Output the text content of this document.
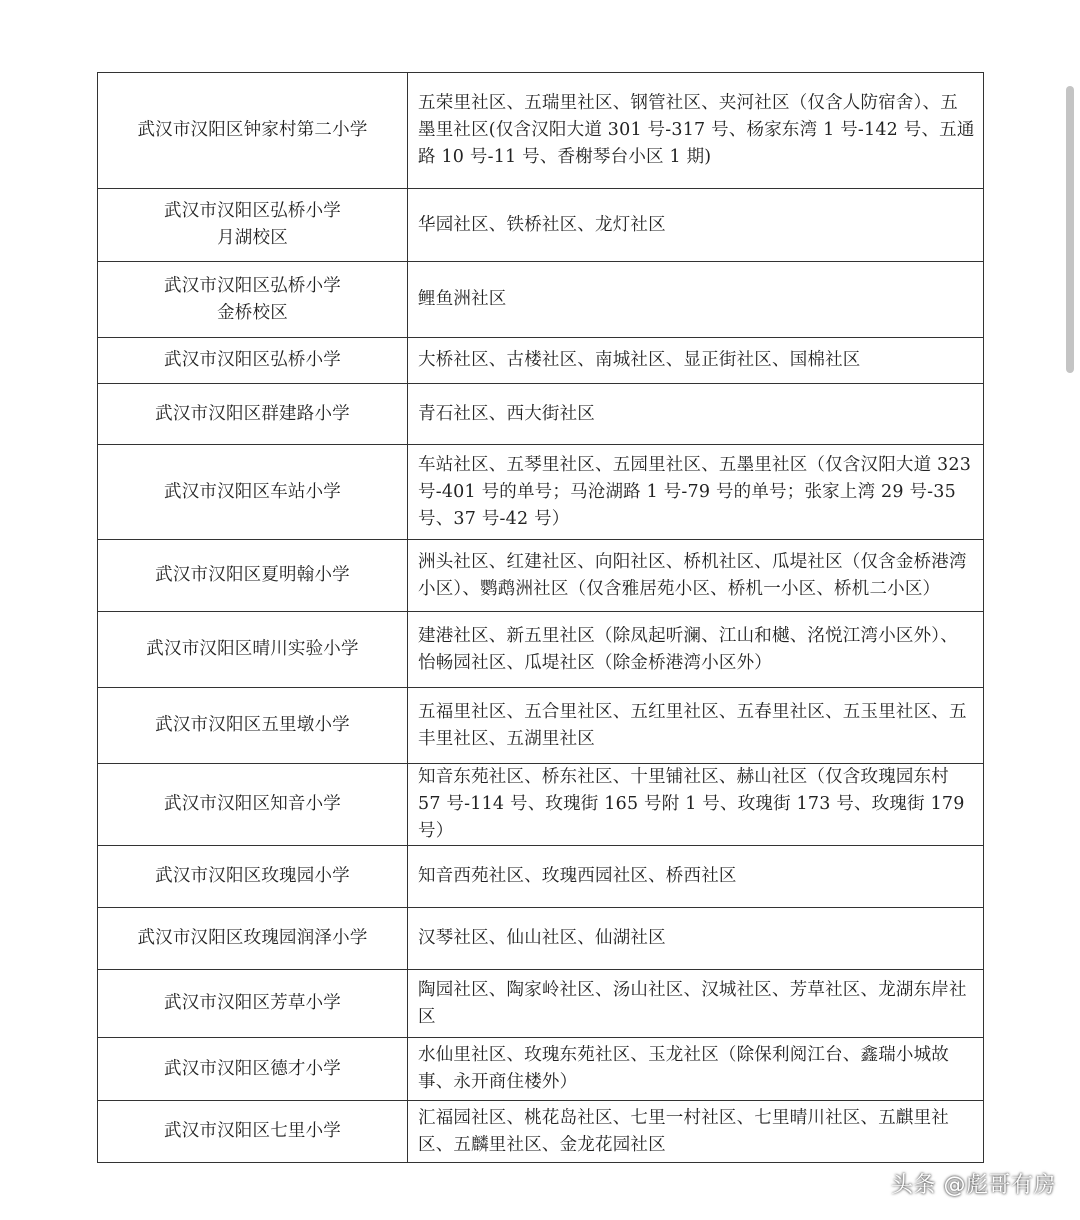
武汉市汉阳区钟家村第二小学	五荣里社区、五瑞里社区、钢管社区、夹河社区（仅含人防宿舍）、五墨里社区(仅含汉阳大道 301 号-317 号、杨家东湾 1 号-142 号、五通路 10 号-11 号、香榭琴台小区 1 期)
武汉市汉阳区弘桥小学
月湖校区	华园社区、铁桥社区、龙灯社区
武汉市汉阳区弘桥小学
金桥校区	鲤鱼洲社区
武汉市汉阳区弘桥小学	大桥社区、古楼社区、南城社区、显正街社区、国棉社区
武汉市汉阳区群建路小学	青石社区、西大街社区
武汉市汉阳区车站小学	车站社区、五琴里社区、五园里社区、五墨里社区（仅含汉阳大道 323 号-401 号的单号；马沧湖路 1 号-79 号的单号；张家上湾 29 号-35 号、37 号-42 号）
武汉市汉阳区夏明翰小学	洲头社区、红建社区、向阳社区、桥机社区、瓜堤社区（仅含金桥港湾小区）、鹦鹉洲社区（仅含雅居苑小区、桥机一小区、桥机二小区）
武汉市汉阳区晴川实验小学	建港社区、新五里社区（除凤起听澜、江山和樾、洺悦江湾小区外）、怡畅园社区、瓜堤社区（除金桥港湾小区外）
武汉市汉阳区五里墩小学	五福里社区、五合里社区、五红里社区、五春里社区、五玉里社区、五丰里社区、五湖里社区
武汉市汉阳区知音小学	知音东苑社区、桥东社区、十里铺社区、赫山社区（仅含玫瑰园东村 57 号-114 号、玫瑰街 165 号附 1 号、玫瑰街 173 号、玫瑰街 179 号）
武汉市汉阳区玫瑰园小学	知音西苑社区、玫瑰西园社区、桥西社区
武汉市汉阳区玫瑰园润泽小学	汉琴社区、仙山社区、仙湖社区
武汉市汉阳区芳草小学	陶园社区、陶家岭社区、汤山社区、汉城社区、芳草社区、龙湖东岸社区
武汉市汉阳区德才小学	水仙里社区、玫瑰东苑社区、玉龙社区（除保利阅江台、鑫瑞小城故事、永开商住楼外）
武汉市汉阳区七里小学	汇福园社区、桃花岛社区、七里一村社区、七里晴川社区、五麒里社区、五麟里社区、金龙花园社区
头条 @彪哥有房
